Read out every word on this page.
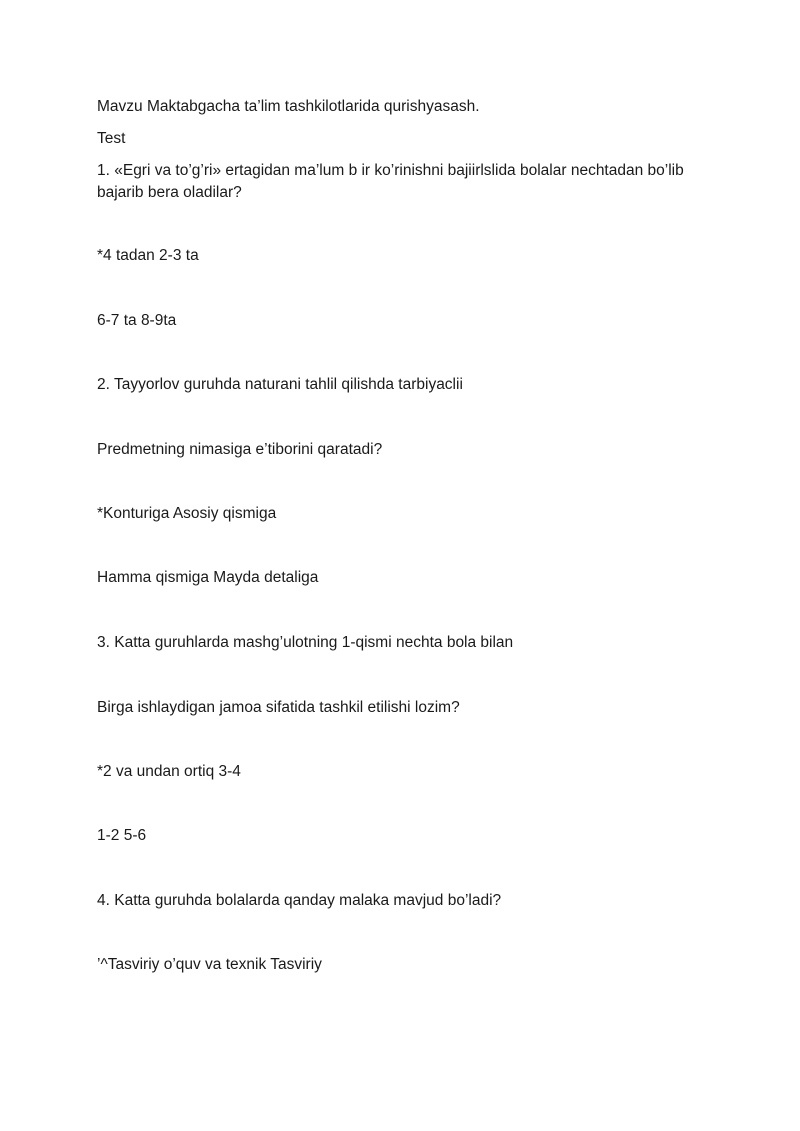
Mavzu Maktabgacha ta’lim tashkilotlarida qurishyasash.

Test

1. «Egri va to’g’ri» ertagidan ma’lum b ir ko’rinishni bajiirlslida bolalar nechtadan bo’lib bajarib bera oladilar?

*4 tadan 2-3 ta

6-7 ta 8-9ta

2. Tayyorlov guruhda naturani tahlil qilishda tarbiyaclii

Predmetning nimasiga e’tiborini qaratadi?

*Konturiga Asosiy qismiga

Hamma qismiga Mayda detaliga

3. Katta guruhlarda mashg’ulotning 1-qismi nechta bola bilan

Birga ishlaydigan jamoa sifatida tashkil etilishi lozim?

*2 va undan ortiq 3-4

1-2 5-6

4. Katta guruhda bolalarda qanday malaka mavjud bo’ladi?

’^Tasviriy o’quv va texnik Tasviriy
